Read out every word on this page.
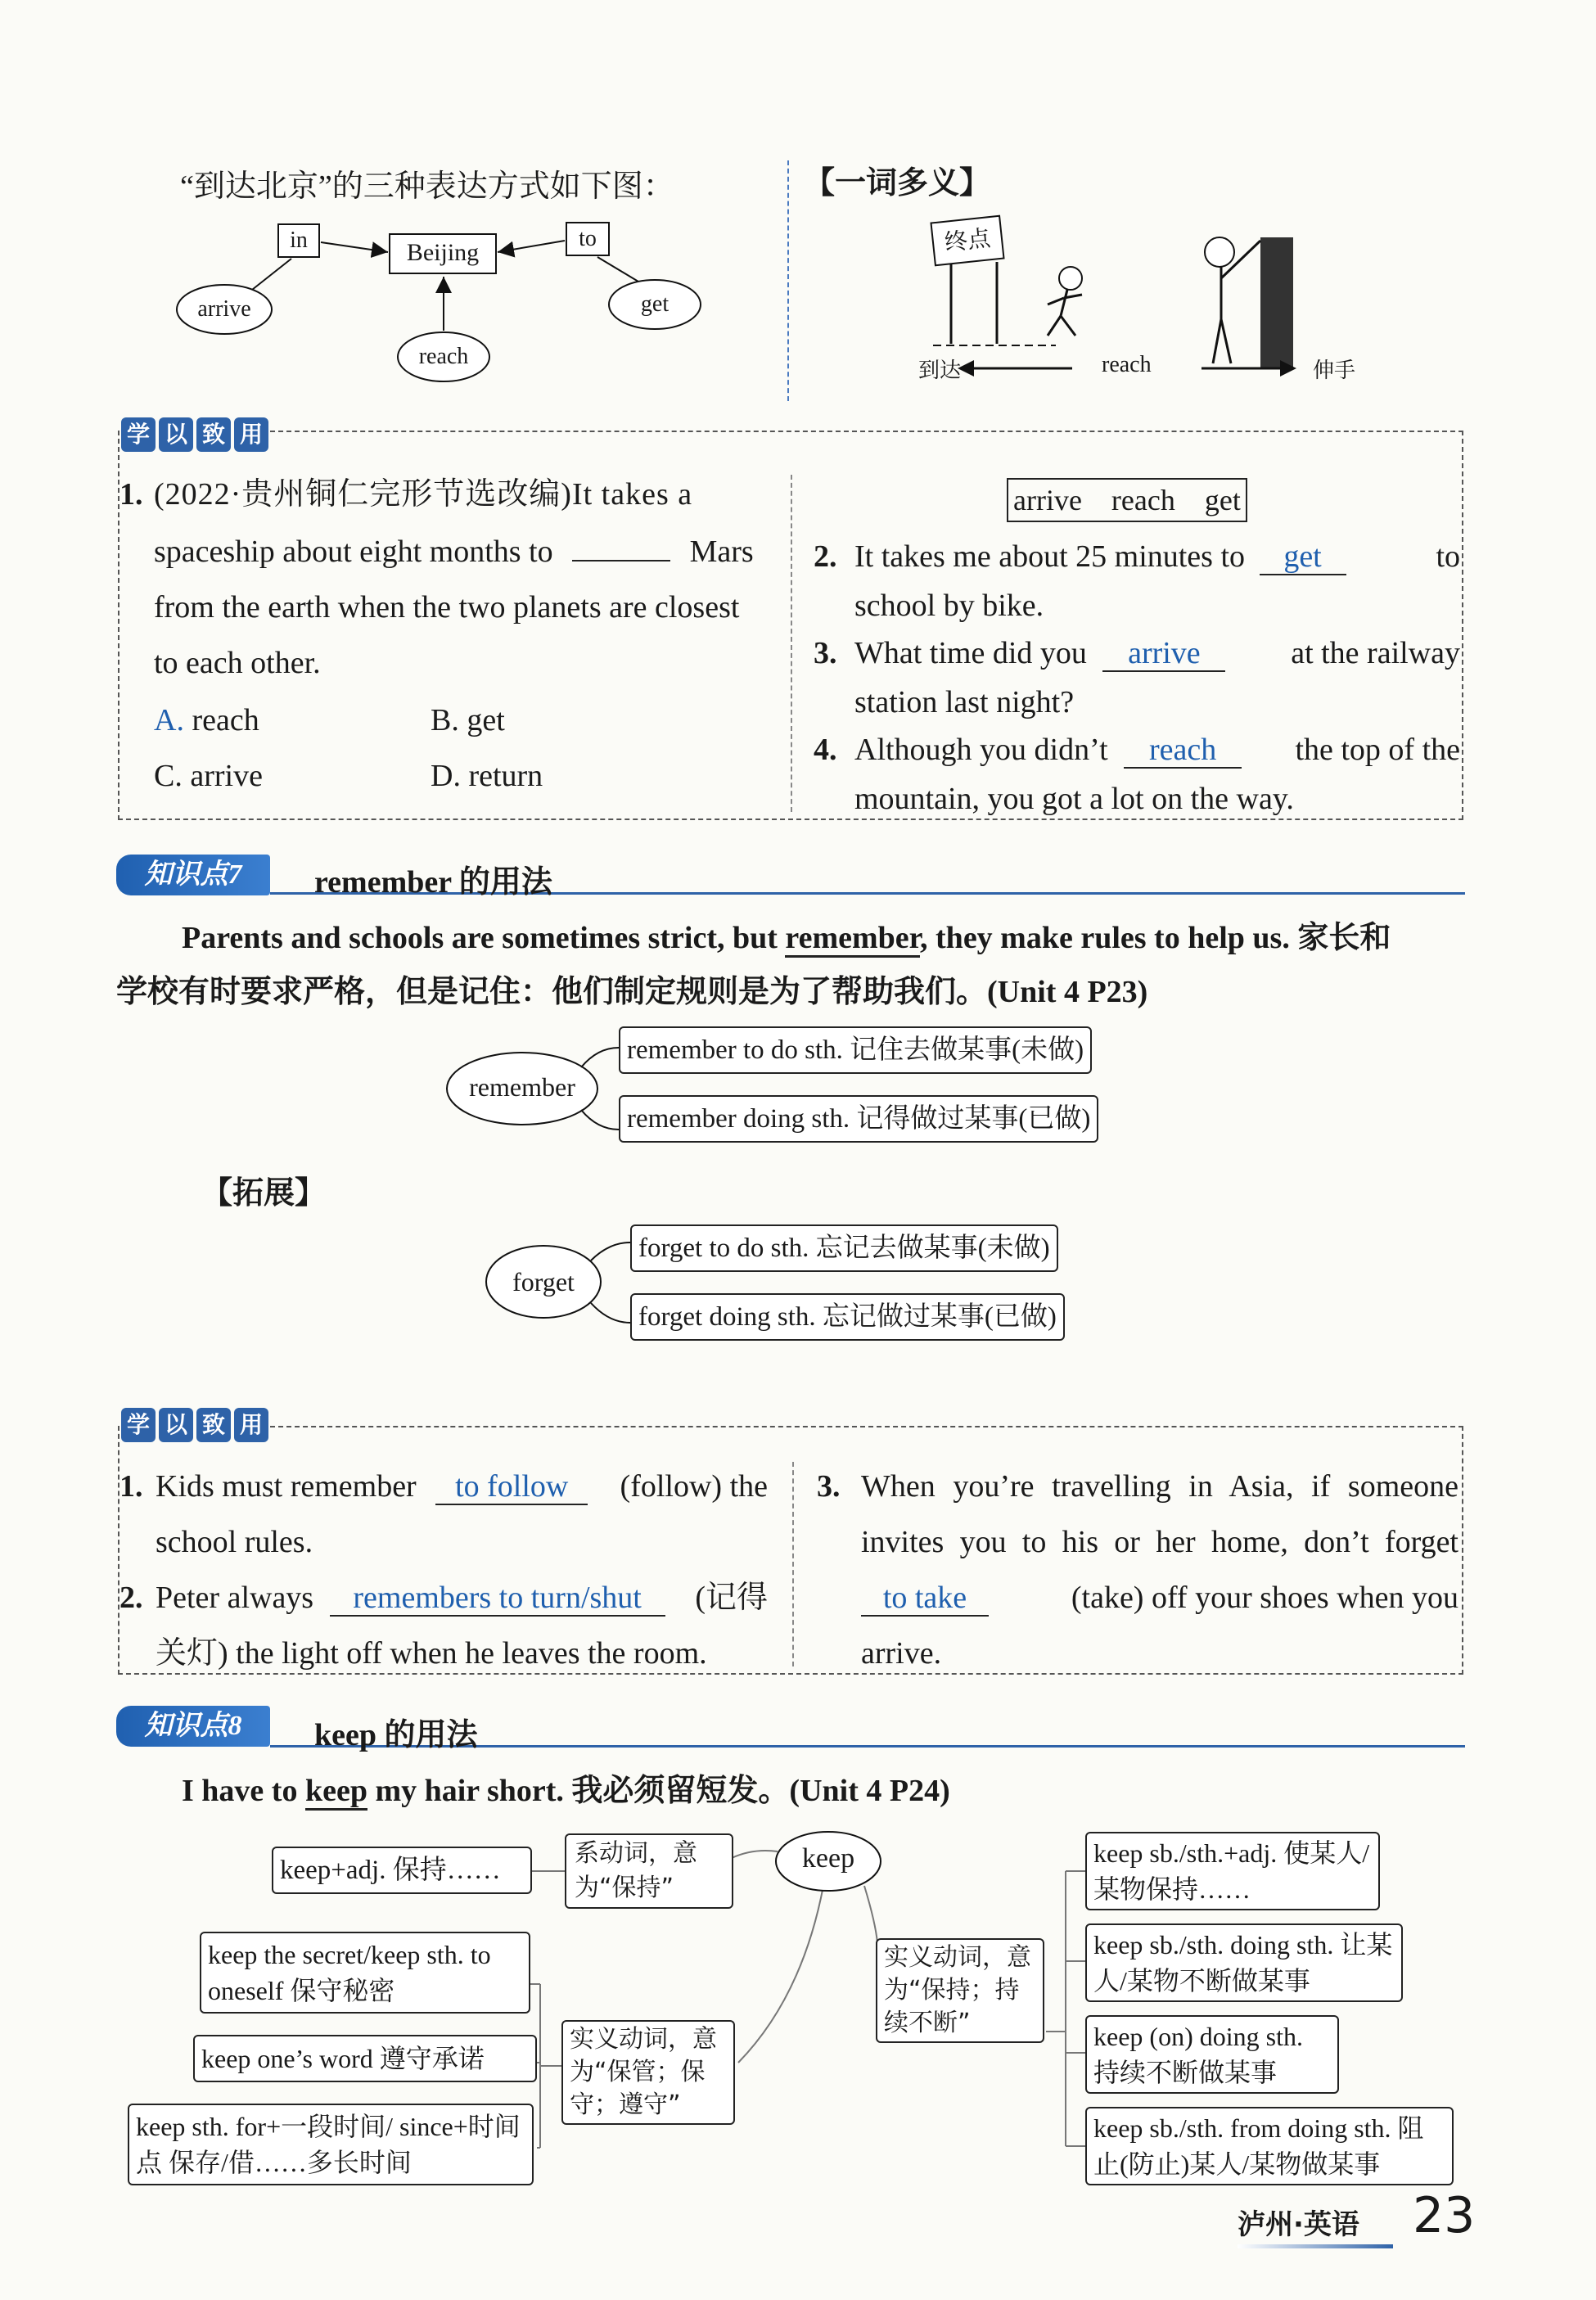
“到达北京”的三种表达方式如下图：
in	Beijing
to
arrive
reach
get
【一词多义】
终点
到达	reach	伸手
学 以 致 用
1. (2022·贵州铜仁完形节选改编)It takes a
spaceship about eight months to	Mars
from the earth when the two planets are closest
to each other.
A. reach	B. get
C. arrive	D. return
arrive    reach    get
2. It takes me about 25 minutes to get	to
school by bike.
3. What time did you arrive	at the railway
station last night?
4. Although you didn’t reach	the top of the
mountain, you got a lot on the way.
知识点7	remember 的用法
Parents and schools are sometimes strict, but remember, they make rules to help us. 家长和
学校有时要求严格，但是记住：他们制定规则是为了帮助我们。(Unit 4 P23)
remember
remember to do sth. 记住去做某事(未做)
remember doing sth. 记得做过某事(已做)
【拓展】
forget
forget to do sth. 忘记去做某事(未做)
forget doing sth. 忘记做过某事(已做)
学 以 致 用
1. Kids must remember to follow (follow) the
school rules.
2. Peter always remembers to turn/shut (记得
关灯) the light off when he leaves the room.
3. When you’re travelling in Asia, if someone
invites you to his or her home, don’t forget
to take	(take) off your shoes when you
arrive.
知识点8	keep 的用法
I have to keep my hair short. 我必须留短发。(Unit 4 P24)
keep
系动词，意为“保持”
keep+adj. 保持……
实义动词，意为“保管；保守；遵守”
keep the secret/keep sth. to oneself 保守秘密
keep one’s word 遵守承诺
keep sth. for+一段时间/ since+时间点 保存/借……多长时间
实义动词，意为“保持；持续不断”
keep sb./sth.+adj. 使某人/某物保持……
keep sb./sth. doing sth. 让某人/某物不断做某事
keep (on) doing sth. 持续不断做某事
keep sb./sth. from doing sth. 阻止(防止)某人/某物做某事
泸州·英语 23
